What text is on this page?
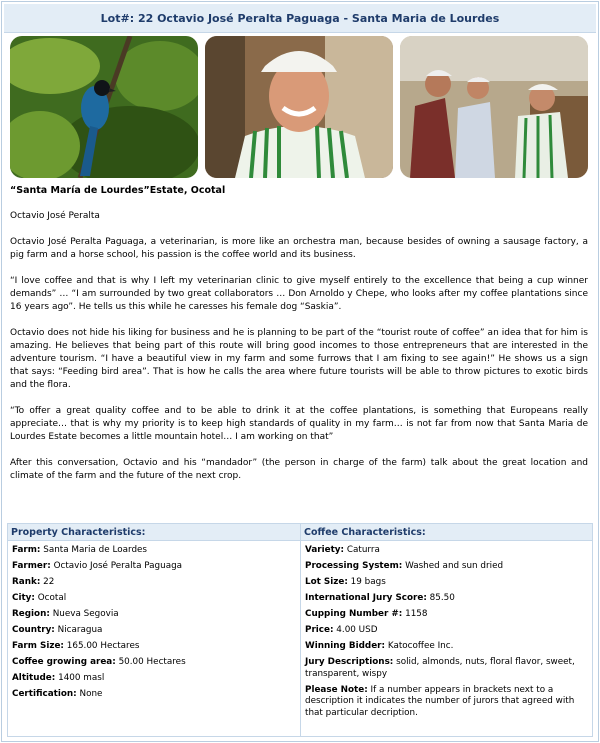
Lot#: 22 Octavio José Peralta Paguaga - Santa Maria de Lourdes
“Santa María de Lourdes”Estate, Ocotal

Octavio José Peralta

Octavio José Peralta Paguaga, a veterinarian, is more like an orchestra man, because besides of owning a sausage factory, a pig farm and a horse school, his passion is the coffee world and its business.

“I love coffee and that is why I left my veterinarian clinic to give myself entirely to the excellence that being a cup winner demands” … “I am surrounded by two great collaborators … Don Arnoldo y Chepe, who looks after my coffee plantations since 16 years ago”. He tells us this while he caresses his female dog “Saskia”.

Octavio does not hide his liking for business and he is planning to be part of the “tourist route of coffee” an idea that for him is amazing. He believes that being part of this route will bring good incomes to those entrepreneurs that are interested in the adventure tourism. “I have a beautiful view in my farm and some furrows that I am fixing to see again!” He shows us a sign that says: “Feeding bird area”. That is how he calls the area where future tourists will be able to throw pictures to exotic birds and the flora.

“To offer a great quality coffee and to be able to drink it at the coffee plantations, is something that Europeans really appreciate… that is why my priority is to keep high standards of quality in my farm… is not far from now that Santa Maria de Lourdes Estate becomes a little mountain hotel… I am working on that”

After this conversation, Octavio and his “mandador” (the person in charge of the farm) talk about the great location and climate of the farm and the future of the next crop.

Property Characteristics:
Farm: Santa Maria de Loardes
Farmer: Octavio José Peralta Paguaga
Rank: 22
City: Ocotal
Region: Nueva Segovia
Country: Nicaragua
Farm Size: 165.00 Hectares
Coffee growing area: 50.00 Hectares
Altitude: 1400 masl
Certification: None
Coffee Characteristics:
Variety: Caturra
Processing System: Washed and sun dried
Lot Size: 19 bags
International Jury Score: 85.50
Cupping Number #: 1158
Price: 4.00 USD
Winning Bidder: Katocoffee Inc.
Jury Descriptions: solid, almonds, nuts, floral flavor, sweet, transparent, wispy
Please Note: If a number appears in brackets next to a description it indicates the number of jurors that agreed with that particular decription.
